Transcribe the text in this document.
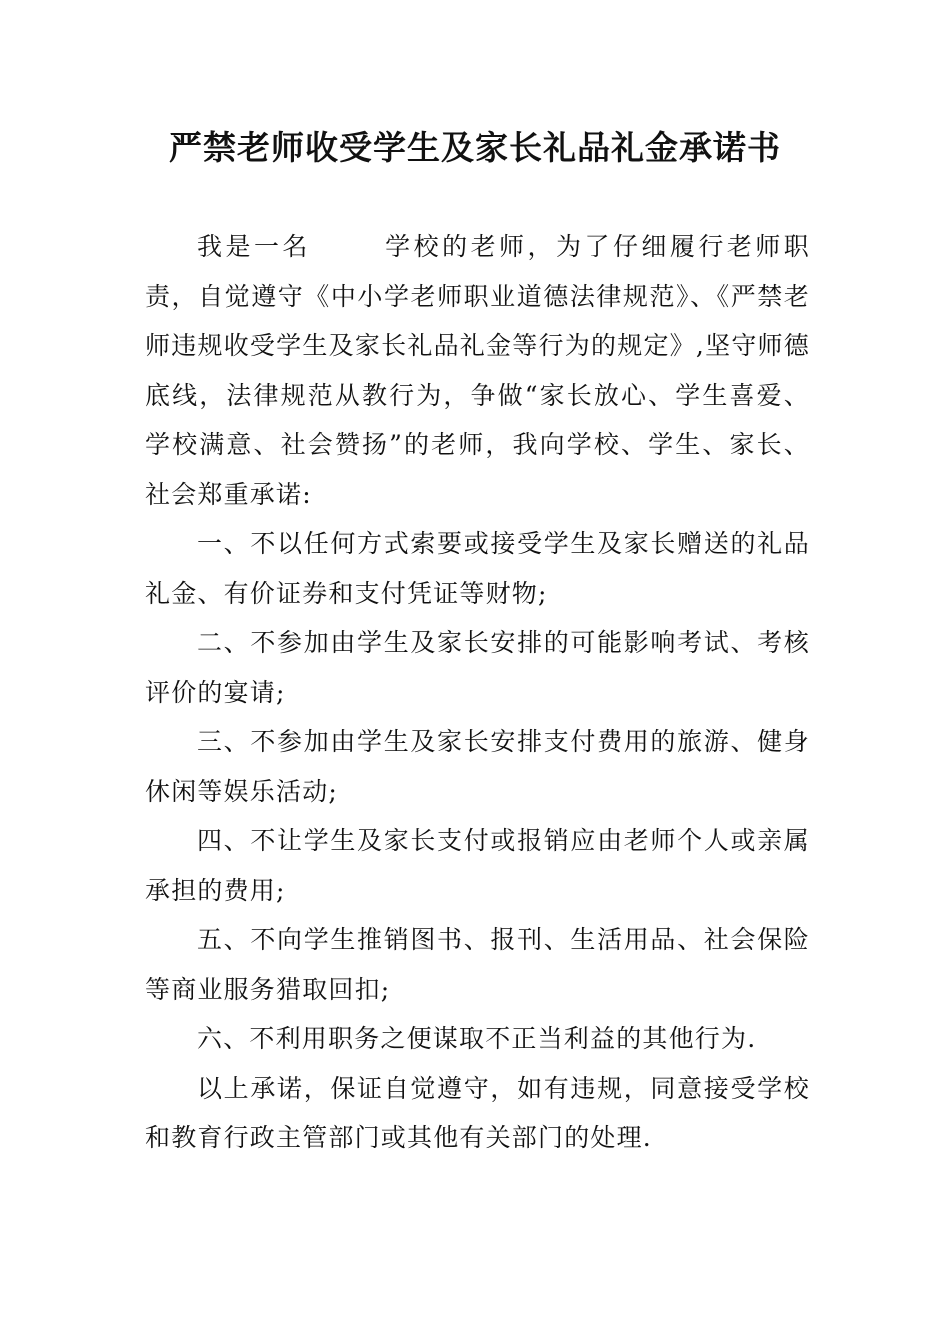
严禁老师收受学生及家长礼品礼金承诺书

我是一名	学校的老师，为了仔细履行老师职责，自觉遵守《中小学老师职业道德法律规范》、《严禁老师违规收受学生及家长礼品礼金等行为的规定》,坚守师德底线，法律规范从教行为，争做“家长放心、学生喜爱、学校满意、社会赞扬”的老师，我向学校、学生、家长、社会郑重承诺:

一、不以任何方式索要或接受学生及家长赠送的礼品礼金、有价证券和支付凭证等财物;

二、不参加由学生及家长安排的可能影响考试、考核评价的宴请;

三、不参加由学生及家长安排支付费用的旅游、健身休闲等娱乐活动;

四、不让学生及家长支付或报销应由老师个人或亲属承担的费用;

五、不向学生推销图书、报刊、生活用品、社会保险等商业服务猎取回扣;

六、不利用职务之便谋取不正当利益的其他行为.

以上承诺，保证自觉遵守，如有违规，同意接受学校和教育行政主管部门或其他有关部门的处理.
